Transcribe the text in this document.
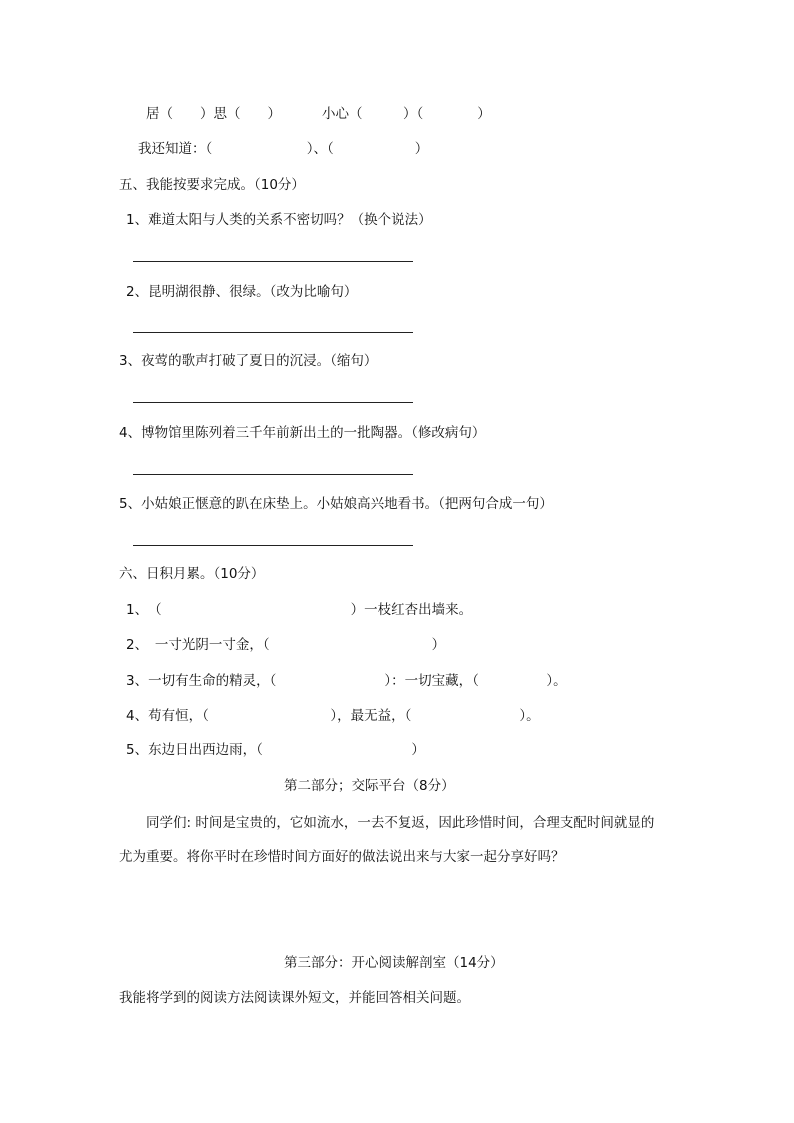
居（　　）思（　　）	小心（　　　）（　　　　）
我还知道：（　　　　　　　）、（　　　　　　）
五、我能按要求完成。（10分）
1、难道太阳与人类的关系不密切吗？（换个说法）
2、昆明湖很静、很绿。（改为比喻句）
3、夜莺的歌声打破了夏日的沉浸。（缩句）
4、博物馆里陈列着三千年前新出土的一批陶器。（修改病句）
5、小姑娘正惬意的趴在床垫上。小姑娘高兴地看书。（把两句合成一句）
六、日积月累。（10分）
1、　（　　　　　　　　　　　　　　）一枝红杏出墙来。
2、　一寸光阴一寸金，（　　　　　　　　　　　　）
3、一切有生命的精灵，（　　　　　　　　）：一切宝藏，（　　　　　）。
4、苟有恒，（　　　　　　　　　），最无益，（　　　　　　　　）。
5、东边日出西边雨，（　　　　　　　　　　　）
第二部分；交际平台（8分）
同学们: 时间是宝贵的，它如流水，一去不复返，因此珍惜时间，合理支配时间就显的
尤为重要。将你平时在珍惜时间方面好的做法说出来与大家一起分享好吗？
第三部分：开心阅读解剖室（14分）
我能将学到的阅读方法阅读课外短文，并能回答相关问题。
